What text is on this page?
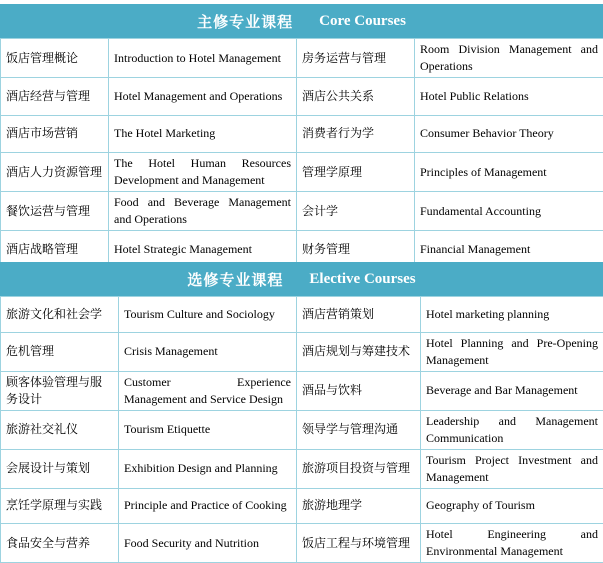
主修专业课程 Core Courses
饭店管理概论	Introduction to Hotel Management	房务运营与管理	Room Division Management and Operations
酒店经营与管理	Hotel Management and Operations	酒店公共关系	Hotel Public Relations
酒店市场营销	The Hotel Marketing	消费者行为学	Consumer Behavior Theory
酒店人力资源管理	The Hotel Human Resources Development and Management	管理学原理	Principles of Management
餐饮运营与管理	Food and Beverage Management and Operations	会计学	Fundamental Accounting
酒店战略管理	Hotel Strategic Management	财务管理	Financial Management
选修专业课程 Elective Courses
旅游文化和社会学	Tourism Culture and Sociology	酒店营销策划	Hotel marketing planning
危机管理	Crisis Management	酒店规划与筹建技术	Hotel Planning and Pre-Opening Management
顾客体验管理与服务设计	Customer Experience Management and Service Design	酒品与饮料	Beverage and Bar Management
旅游社交礼仪	Tourism Etiquette	领导学与管理沟通	Leadership and Management Communication
会展设计与策划	Exhibition Design and Planning	旅游项目投资与管理	Tourism Project Investment and Management
烹饪学原理与实践	Principle and Practice of Cooking	旅游地理学	Geography of Tourism
食品安全与营养	Food Security and Nutrition	饭店工程与环境管理	Hotel Engineering and Environmental Management
